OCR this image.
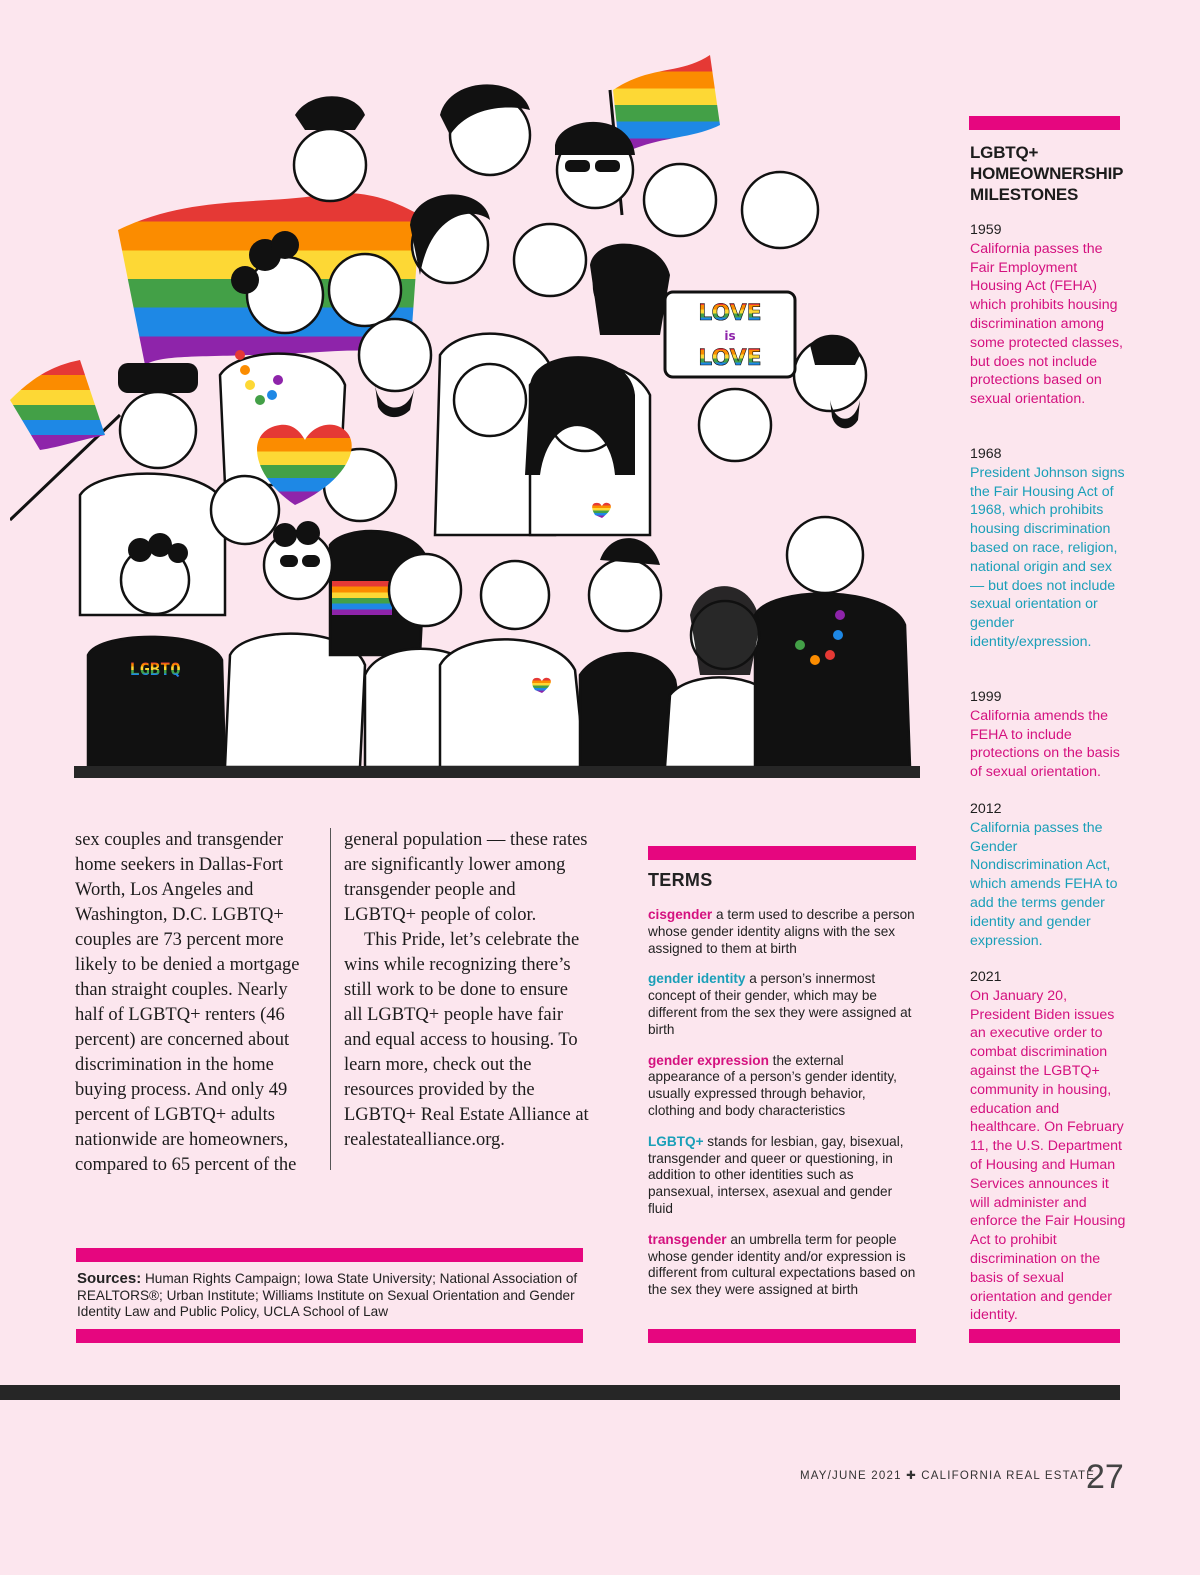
LOVE
is
LOVE
LGBTQ
sex couples and transgender home seekers in Dallas-Fort Worth, Los Angeles and Washington, D.C. LGBTQ+ couples are 73 percent more likely to be denied a mortgage than straight couples. Nearly half of LGBTQ+ renters (46 percent) are concerned about discrimination in the home buying process. And only 49 percent of LGBTQ+ adults nationwide are homeowners, compared to 65 percent of the

general population — these rates are significantly lower among transgender people and LGBTQ+ people of color.

This Pride, let’s celebrate the wins while recognizing there’s still work to be done to ensure all LGBTQ+ people have fair and equal access to housing. To learn more, check out the resources provided by the LGBTQ+ Real Estate Alliance at realestatealliance.org.

TERMS

cisgender a term used to describe a person whose gender identity aligns with the sex assigned to them at birth

gender identity a person’s innermost concept of their gender, which may be different from the sex they were assigned at birth

gender expression the external appearance of a person’s gender identity, usually expressed through behavior, clothing and body characteristics

LGBTQ+ stands for lesbian, gay, bisexual, transgender and queer or questioning, in addition to other identities such as pansexual, intersex, asexual and gender fluid

transgender an umbrella term for people whose gender identity and/or expression is different from cultural expectations based on the sex they were assigned at birth

Sources: Human Rights Campaign; Iowa State University; National Association of REALTORS®; Urban Institute; Williams Institute on Sexual Orientation and Gender Identity Law and Public Policy, UCLA School of Law
LGBTQ+ HOMEOWNERSHIP MILESTONES
1959
California passes the Fair Employment Housing Act (FEHA) which prohibits housing discrimination among some protected classes, but does not include protections based on sexual orientation.
1968
President Johnson signs the Fair Housing Act of 1968, which prohibits housing discrimination based on race, religion, national origin and sex — but does not include sexual orientation or gender identity/expression.
1999
California amends the FEHA to include protections on the basis of sexual orientation.
2012
California passes the Gender Nondiscrimination Act, which amends FEHA to add the terms gender identity and gender expression.
2021
On January 20, President Biden issues an executive order to combat discrimination against the LGBTQ+ community in housing, education and healthcare. On February 11, the U.S. Department of Housing and Human Services announces it will administer and enforce the Fair Housing Act to prohibit discrimination on the basis of sexual orientation and gender identity.
MAY/JUNE 2021 ✚ CALIFORNIA REAL ESTATE
27
